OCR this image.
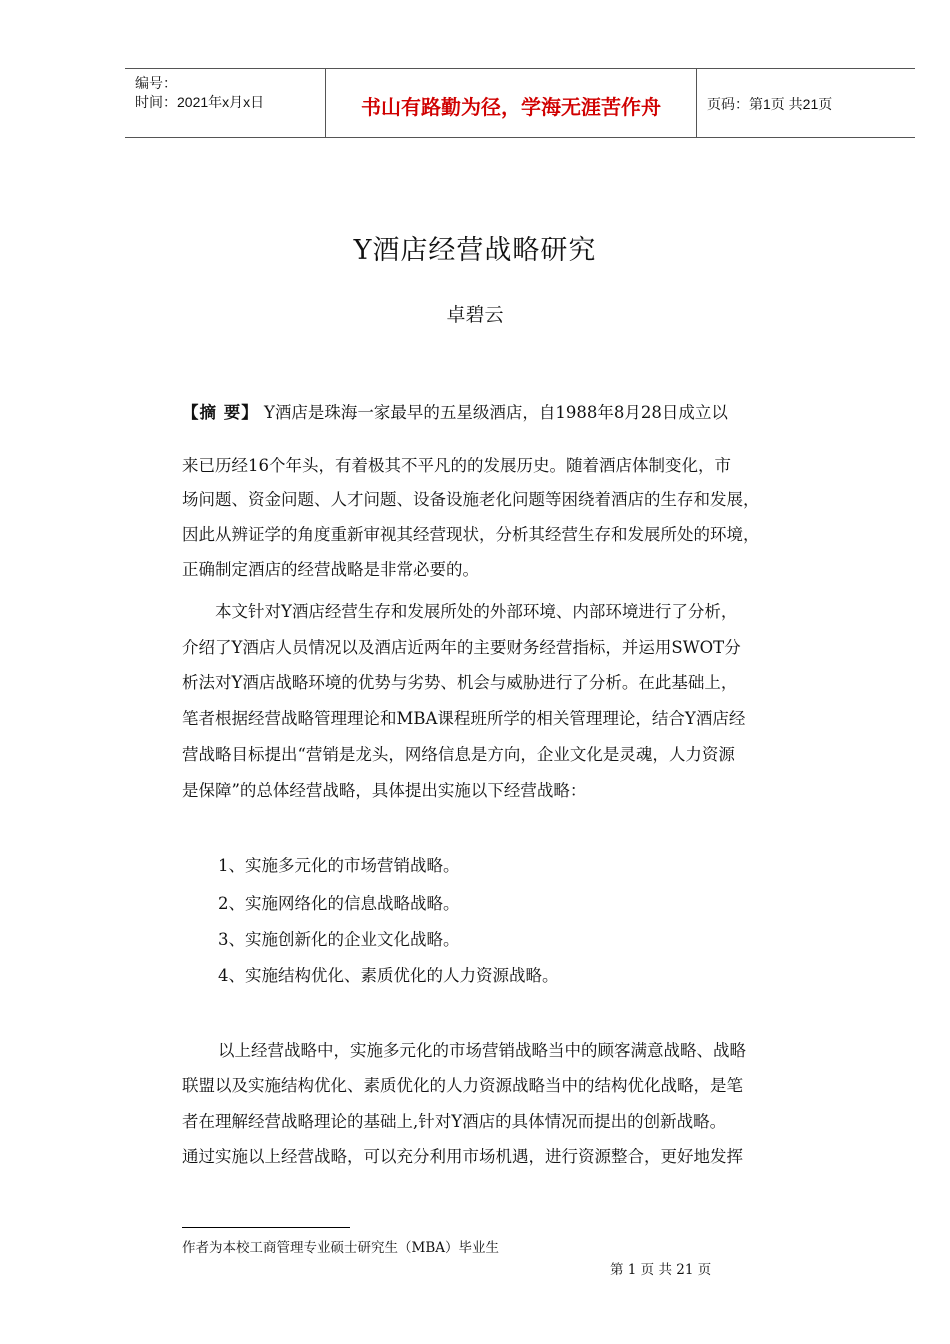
编号：
时间：2021年x月x日	书山有路勤为径，学海无涯苦作舟	页码：第1页 共21页
Y酒店经营战略研究
卓碧云
【摘 要】 Y酒店是珠海一家最早的五星级酒店，自1988年8月28日成立以
来已历经16个年头，有着极其不平凡的的发展历史。随着酒店体制变化，市
场问题、资金问题、人才问题、设备设施老化问题等困绕着酒店的生存和发展，
因此从辨证学的角度重新审视其经营现状，分析其经营生存和发展所处的环境，
正确制定酒店的经营战略是非常必要的。
本文针对Y酒店经营生存和发展所处的外部环境、内部环境进行了分析，
介绍了Y酒店人员情况以及酒店近两年的主要财务经营指标，并运用SWOT分
析法对Y酒店战略环境的优势与劣势、机会与威胁进行了分析。在此基础上，
笔者根据经营战略管理理论和MBA课程班所学的相关管理理论，结合Y酒店经
营战略目标提出“营销是龙头，网络信息是方向，企业文化是灵魂，人力资源
是保障”的总体经营战略，具体提出实施以下经营战略：
1、实施多元化的市场营销战略。
2、实施网络化的信息战略战略。
3、实施创新化的企业文化战略。
4、实施结构优化、素质优化的人力资源战略。
以上经营战略中，实施多元化的市场营销战略当中的顾客满意战略、战略
联盟以及实施结构优化、素质优化的人力资源战略当中的结构优化战略，是笔
者在理解经营战略理论的基础上,针对Y酒店的具体情况而提出的创新战略。
通过实施以上经营战略，可以充分利用市场机遇，进行资源整合，更好地发挥
作者为本校工商管理专业硕士研究生（MBA）毕业生
第 1 页 共 21 页
